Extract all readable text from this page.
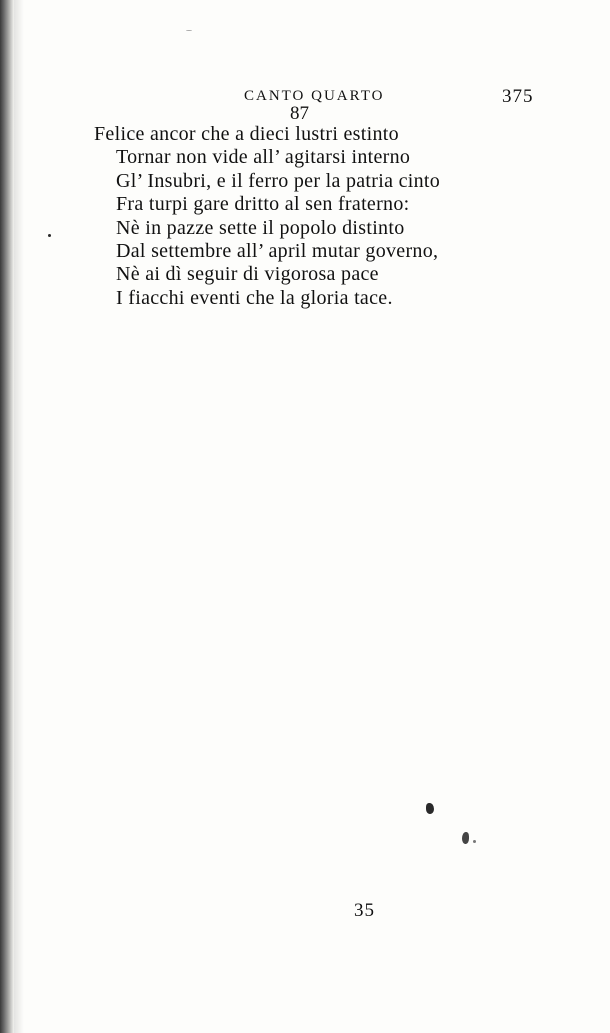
CANTO QUARTO	375
87
Felice ancor che a dieci lustri estinto
Tornar non vide all’ agitarsi interno
Gl’ Insubri, e il ferro per la patria cinto
Fra turpi gare dritto al sen fraterno:
Nè in pazze sette il popolo distinto
Dal settembre all’ april mutar governo,
Nè ai dì seguir di vigorosa pace
I fiacchi eventi che la gloria tace.
35
